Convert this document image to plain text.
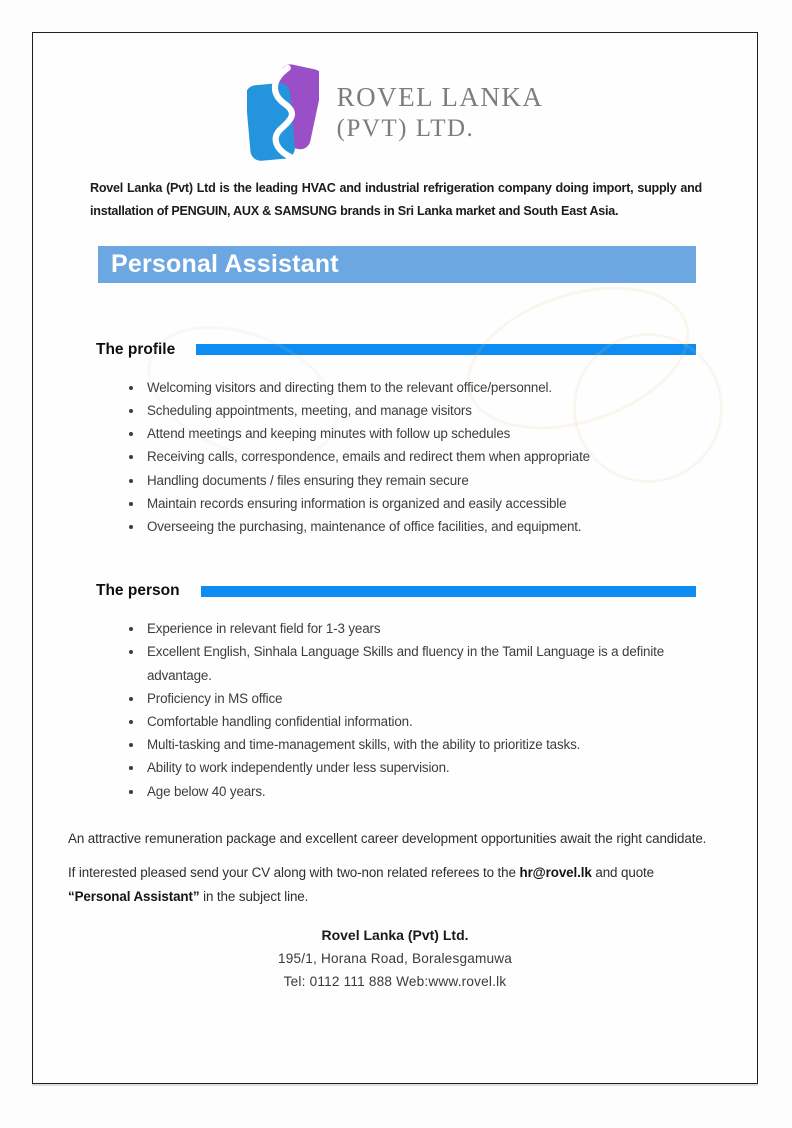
ROVEL LANKA
(PVT) LTD.

Rovel Lanka (Pvt) Ltd is the leading HVAC and industrial refrigeration company doing import, supply and installation of PENGUIN, AUX & SAMSUNG brands in Sri Lanka market and South East Asia.

Personal Assistant
The profile
• Welcoming visitors and directing them to the relevant office/personnel.
• Scheduling appointments, meeting, and manage visitors
• Attend meetings and keeping minutes with follow up schedules
• Receiving calls, correspondence, emails and redirect them when appropriate
• Handling documents / files ensuring they remain secure
• Maintain records ensuring information is organized and easily accessible
• Overseeing the purchasing, maintenance of office facilities, and equipment.
The person
• Experience in relevant field for 1-3 years
• Excellent English, Sinhala Language Skills and fluency in the Tamil Language is a definite advantage.
• Proficiency in MS office
• Comfortable handling confidential information.
• Multi-tasking and time-management skills, with the ability to prioritize tasks.
• Ability to work independently under less supervision.
• Age below 40 years.

An attractive remuneration package and excellent career development opportunities await the right candidate.

If interested pleased send your CV along with two-non related referees to the hr@rovel.lk and quote “Personal Assistant” in the subject line.

Rovel Lanka (Pvt) Ltd.
195/1, Horana Road, Boralesgamuwa
Tel: 0112 111 888 Web:www.rovel.lk
